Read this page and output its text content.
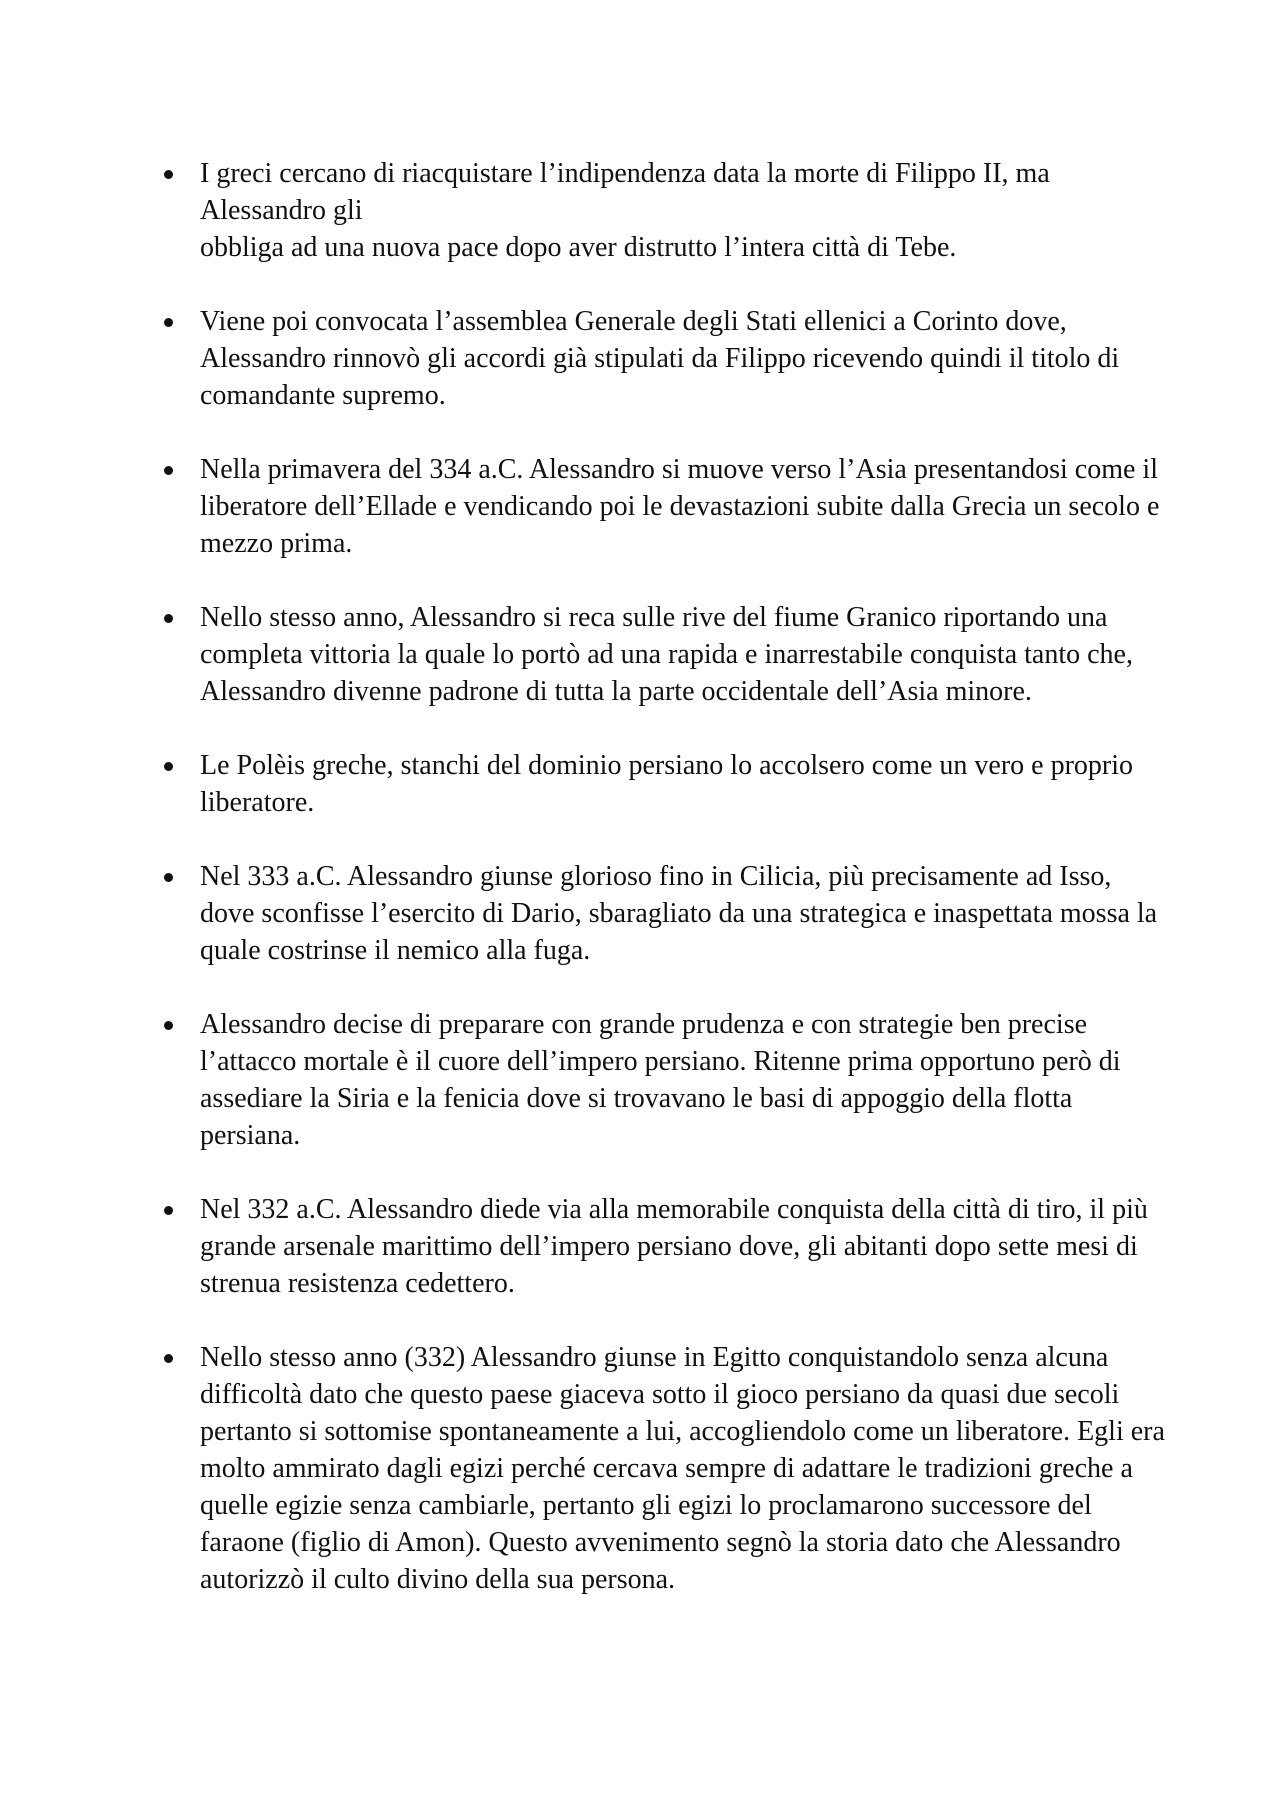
I greci cercano di riacquistare l’indipendenza data la morte di Filippo II, ma Alessandro gli
obbliga ad una nuova pace dopo aver distrutto l’intera città di Tebe.
Viene poi convocata l’assemblea Generale degli Stati ellenici a Corinto dove, Alessandro rinnovò gli accordi già stipulati da Filippo ricevendo quindi il titolo di comandante supremo.
Nella primavera del 334 a.C. Alessandro si muove verso l’Asia presentandosi come il liberatore dell’Ellade e vendicando poi le devastazioni subite dalla Grecia un secolo e mezzo prima.
Nello stesso anno, Alessandro si reca sulle rive del fiume Granico riportando una completa vittoria la quale lo portò ad una rapida e inarrestabile conquista tanto che, Alessandro divenne padrone di tutta la parte occidentale dell’Asia minore.
Le Polèis greche, stanchi del dominio persiano lo accolsero come un vero e proprio liberatore.
Nel 333 a.C. Alessandro giunse glorioso fino in Cilicia, più precisamente ad Isso, dove sconfisse l’esercito di Dario, sbaragliato da una strategica e inaspettata mossa la quale costrinse il nemico alla fuga.
Alessandro decise di preparare con grande prudenza e con strategie ben precise l’attacco mortale è il cuore dell’impero persiano. Ritenne prima opportuno però di assediare la Siria e la fenicia dove si trovavano le basi di appoggio della flotta persiana.
Nel 332 a.C. Alessandro diede via alla memorabile conquista della città di tiro, il più grande arsenale marittimo dell’impero persiano dove, gli abitanti dopo sette mesi di strenua resistenza cedettero.
Nello stesso anno (332) Alessandro giunse in Egitto conquistandolo senza alcuna difficoltà dato che questo paese giaceva sotto il gioco persiano da quasi due secoli pertanto si sottomise spontaneamente a lui, accogliendolo come un liberatore. Egli era molto ammirato dagli egizi perché cercava sempre di adattare le tradizioni greche a quelle egizie senza cambiarle, pertanto gli egizi lo proclamarono successore del faraone (figlio di Amon). Questo avvenimento segnò la storia dato che Alessandro autorizzò il culto divino della sua persona.
